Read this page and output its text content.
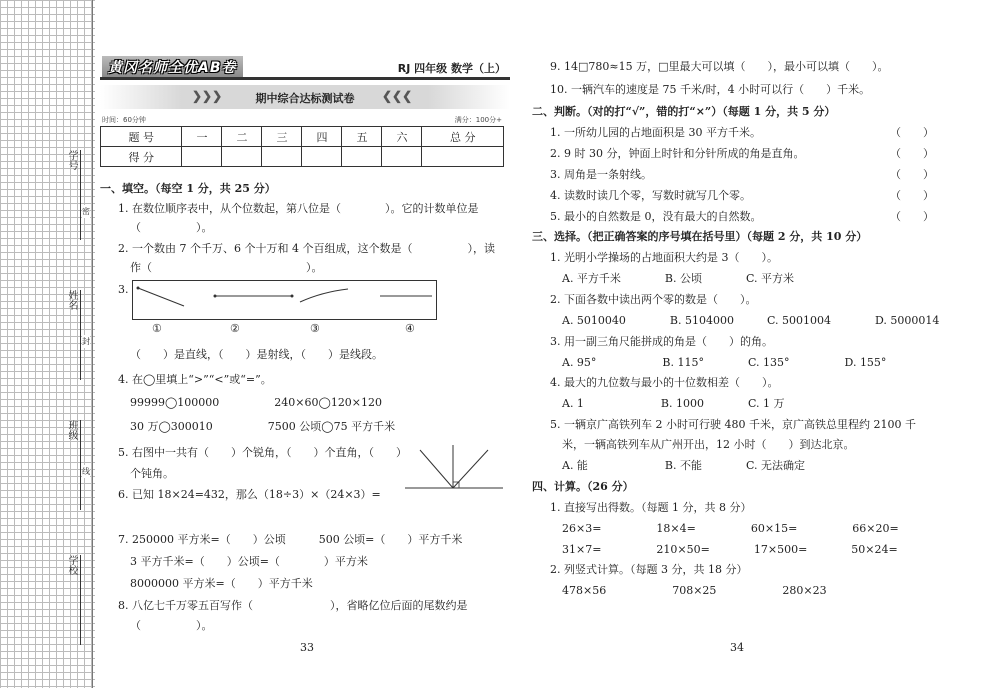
学号
姓名
班级
学校
密
封
线
黄冈名师全优AB卷	RJ 四年级 数学（上）
❯❯❯	期中综合达标测试卷	❮❮❮
时间：60分钟	满分：100分+
题 号	一	二	三	四	五	六	总 分
得 分							
一、填空。（每空 1 分，共 25 分）
1. 在数位顺序表中，从个位数起，第八位是（　　　　）。它的计数单位是
（　　　　　）。
2. 一个数由 7 个千万、6 个十万和 4 个百组成，这个数是（　　　　　），读
作（　　　　　　　　　　　　　　）。
3.
①	②	③	④
（　　）是直线，（　　）是射线，（　　）是线段。
4. 在◯里填上“>”“<”或“=”。
99999◯100000　　　　　240×60◯120×120
30 万◯300010　　　　　7500 公顷◯75 平方千米
5. 右图中一共有（　　）个锐角，（　　）个直角，（　　）
个钝角。
6. 已知 18×24=432，那么（18÷3）×（24×3）=
7. 250000 平方米=（　　）公顷　　　500 公顷=（　　）平方千米
3 平方千米=（　　）公顷=（　　　　）平方米
8000000 平方米=（　　）平方千米
8. 八亿七千万零五百写作（　　　　　　　），省略亿位后面的尾数约是
（　　　　　）。
33
9. 14□780≈15 万，□里最大可以填（　　），最小可以填（　　）。
10. 一辆汽车的速度是 75 千米/时，4 小时可以行（　　）千米。
二、判断。（对的打“√”，错的打“×”）（每题 1 分，共 5 分）
1. 一所幼儿园的占地面积是 30 平方千米。	（　　）
2. 9 时 30 分，钟面上时针和分针所成的角是直角。	（　　）
3. 周角是一条射线。	（　　）
4. 读数时读几个零，写数时就写几个零。	（　　）
5. 最小的自然数是 0，没有最大的自然数。	（　　）
三、选择。（把正确答案的序号填在括号里）（每题 2 分，共 10 分）
1. 光明小学操场的占地面积大约是 3（　　）。
A. 平方千米　　　　B. 公顷　　　　C. 平方米
2. 下面各数中读出两个零的数是（　　）。
A. 5010040　　　　B. 5104000　　　C. 5001004　　　　D. 5000014
3. 用一副三角尺能拼成的角是（　　）的角。
A. 95°　　　　　　B. 115°　　　　C. 135°　　　　　D. 155°
4. 最大的九位数与最小的十位数相差（　　）。
A. 1　　　　　　　B. 1000　　　　C. 1 万
5. 一辆京广高铁列车 2 小时可行驶 480 千米，京广高铁总里程约 2100 千
米，一辆高铁列车从广州开出，12 小时（　　）到达北京。
A. 能　　　　　　　B. 不能　　　　C. 无法确定
四、计算。（26 分）
1. 直接写出得数。（每题 1 分，共 8 分）
26×3=　　　　　18×4=　　　　　60×15=　　　　　66×20=
31×7=　　　　　210×50=　　　　17×500=　　　　50×24=
2. 列竖式计算。（每题 3 分，共 18 分）
478×56　　　　　　708×25　　　　　　280×23
34
